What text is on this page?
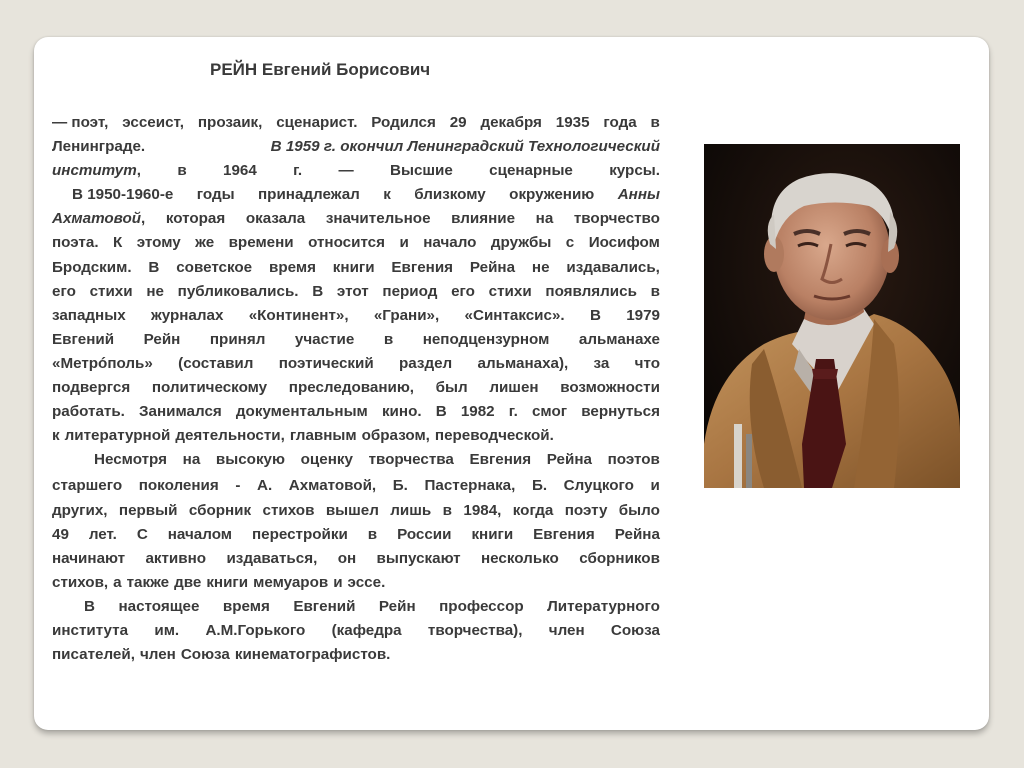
РЕЙН Евгений Борисович
— поэт, эссеист, прозаик, сценарист. Родился 29 декабря 1935 года в
Ленинграде.	В 1959 г. окончил Ленинградский Технологический
институт, в 1964 г. — Высшие сценарные курсы.
В 1950-1960-е годы принадлежал к близкому окружению Анны
Ахматовой, которая оказала значительное влияние на творчество
поэта. К этому же времени относится и начало дружбы с Иосифом
Бродским. В советское время книги Евгения Рейна не издавались,
его стихи не публиковались. В этот период его стихи появлялись в
западных журналах «Континент», «Грани», «Синтаксис». В 1979
Евгений Рейн принял участие в неподцензурном альманахе
«Метрóполь» (составил поэтический раздел альманаха), за что
подвергся политическому преследованию, был лишен возможности
работать. Занимался документальным кино. В 1982 г. смог вернуться
к литературной деятельности, главным образом, переводческой.
Несмотря на высокую оценку творчества Евгения Рейна поэтов
старшего поколения - А. Ахматовой, Б. Пастернака, Б. Слуцкого и
других, первый сборник стихов вышел лишь в 1984, когда поэту было
49 лет. С началом перестройки в России книги Евгения Рейна
начинают активно издаваться, он выпускают несколько сборников
стихов, а также две книги мемуаров и эссе.
В настоящее время Евгений Рейн профессор Литературного
института им. А.М.Горького (кафедра творчества), член Союза
писателей, член Союза кинематографистов.
